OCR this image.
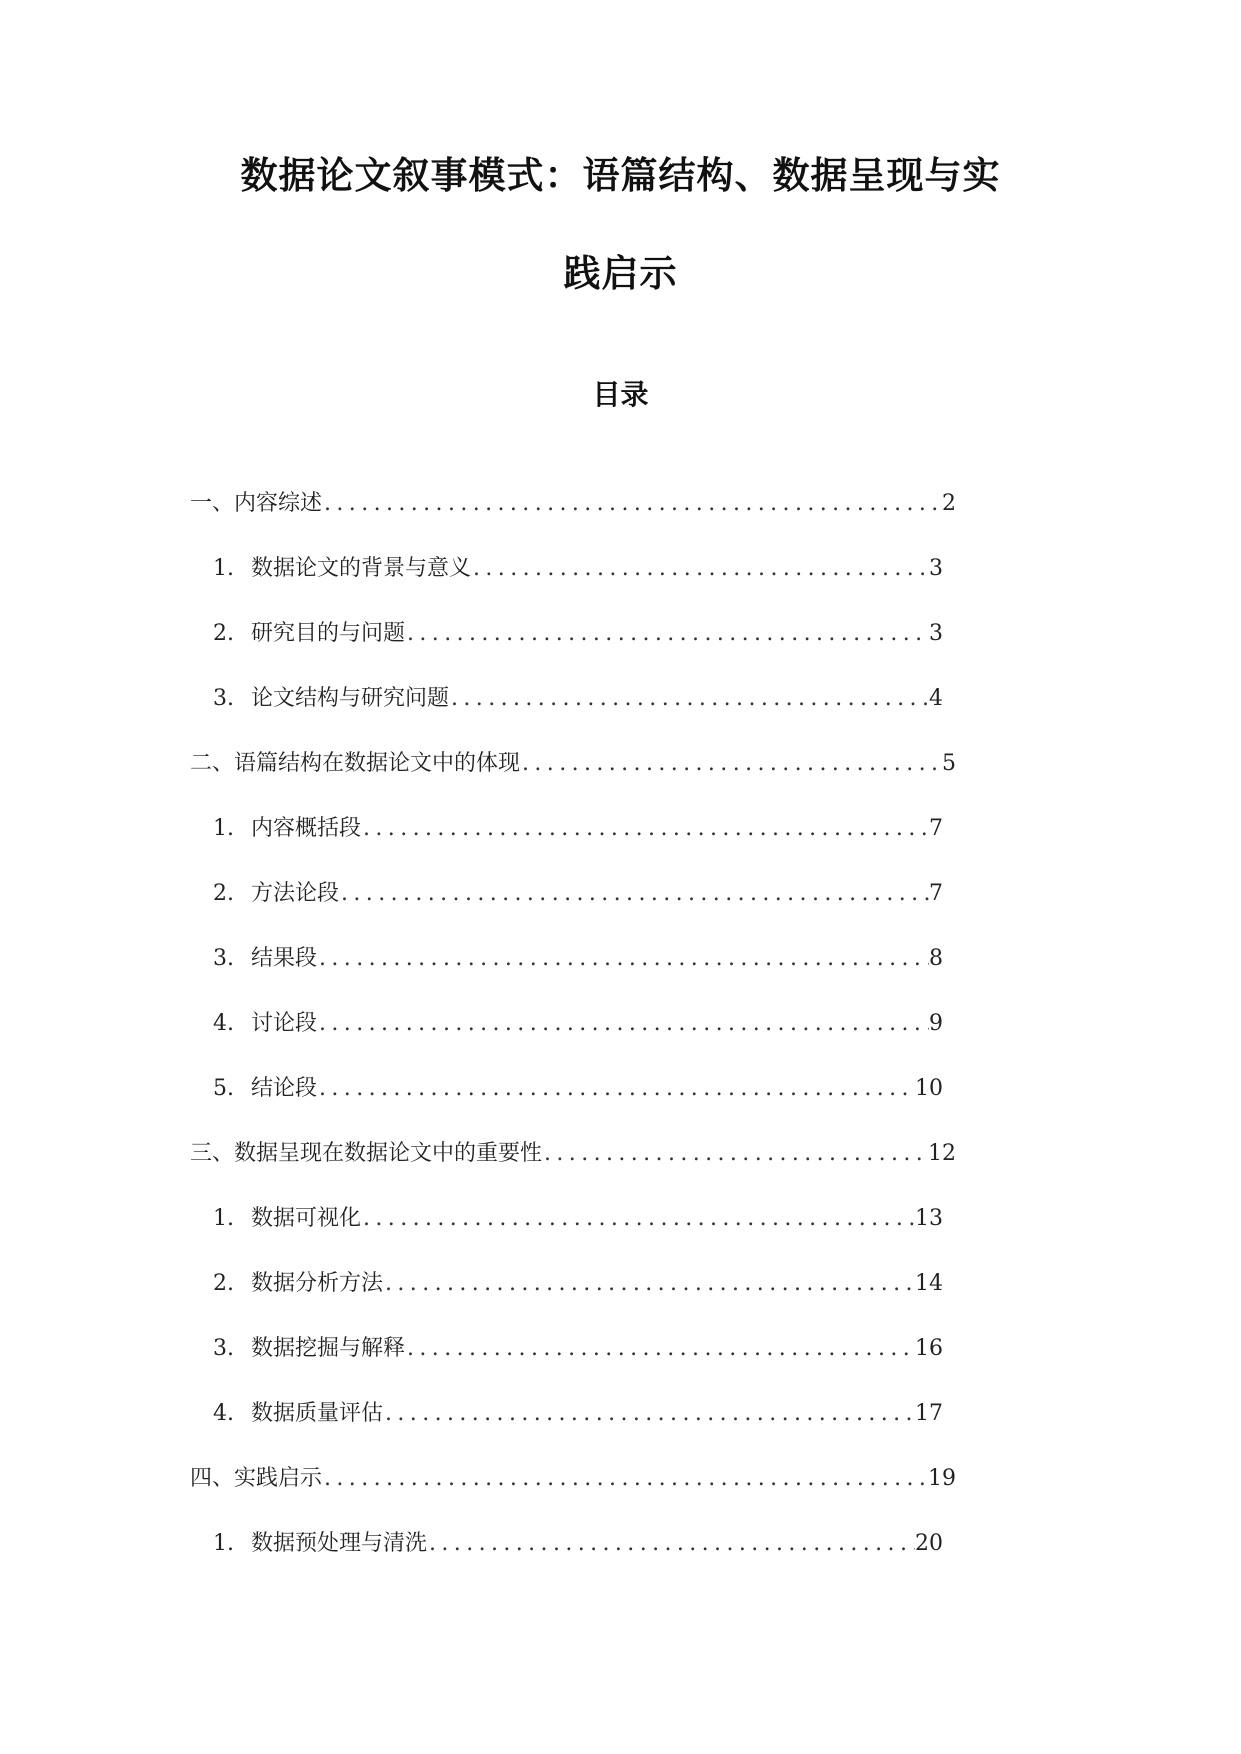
数据论文叙事模式：语篇结构、数据呈现与实
践启示
目录
一、内容综述 .....	2
1. 数据论文的背景与意义 .....	3
2. 研究目的与问题 .....	3
3. 论文结构与研究问题 .....	4
二、语篇结构在数据论文中的体现 .....	5
1. 内容概括段 .....	7
2. 方法论段 .....	7
3. 结果段 .....	8
4. 讨论段 .....	9
5. 结论段 .....	10
三、数据呈现在数据论文中的重要性 .....	12
1. 数据可视化 .....	13
2. 数据分析方法 .....	14
3. 数据挖掘与解释 .....	16
4. 数据质量评估 .....	17
四、实践启示 .....	19
1. 数据预处理与清洗 .....	20
